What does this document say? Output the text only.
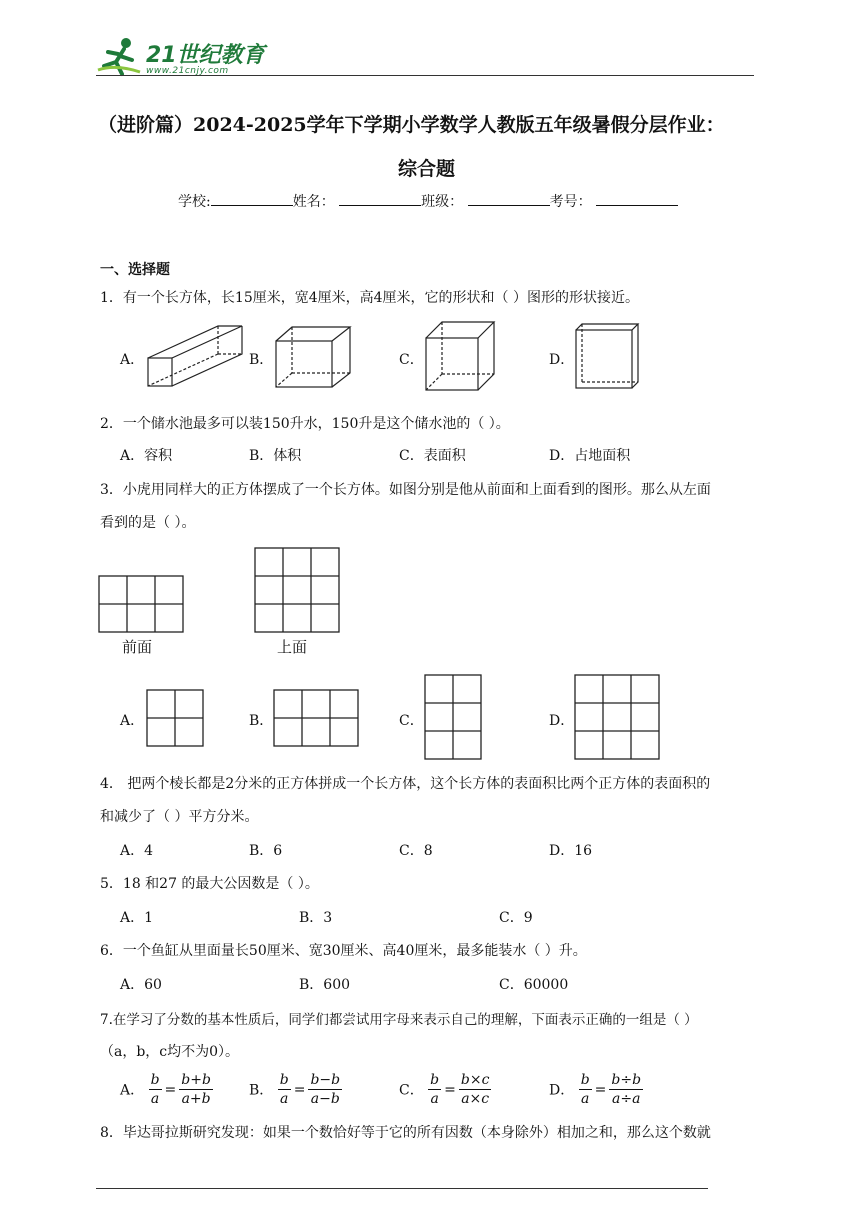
21世纪教育
www.21cnjy.com
（进阶篇）2024-2025学年下学期小学数学人教版五年级暑假分层作业：
综合题
学校:	姓名：	班级：	考号：
一、选择题
1．有一个长方体，长15厘米，宽4厘米，高4厘米，它的形状和（ ）图形的形状接近。
A．	B．	C．	D．
2．一个储水池最多可以装150升水，150升是这个储水池的（ ）。
A．容积	B．体积	C．表面积	D．占地面积
3．小虎用同样大的正方体摆成了一个长方体。如图分别是他从前面和上面看到的图形。那么从左面
看到的是（ ）。
前面	上面
A．	B．	C．	D．
4． 把两个棱长都是2分米的正方体拼成一个长方体，这个长方体的表面积比两个正方体的表面积的
和减少了（ ）平方分米。
A．4	B．6	C．8	D．16
5．18 和27 的最大公因数是（ ）。
A．1	B．3	C．9
6．一个鱼缸从里面量长50厘米、宽30厘米、高40厘米，最多能装水（ ）升。
A．60	B．600	C．60000
7.在学习了分数的基本性质后，同学们都尝试用字母来表示自己的理解，下面表示正确的一组是（ ）
（a，b，c均不为0）。
A． $\frac{b}{a} = \frac{b+b}{a+b}$	B． $\frac{b}{a} = \frac{b-b}{a-b}$	C． $\frac{b}{a} = \frac{b\times c}{a\times c}$	D． $\frac{b}{a} = \frac{b\div b}{a\div a}$
8．毕达哥拉斯研究发现：如果一个数恰好等于它的所有因数（本身除外）相加之和，那么这个数就
